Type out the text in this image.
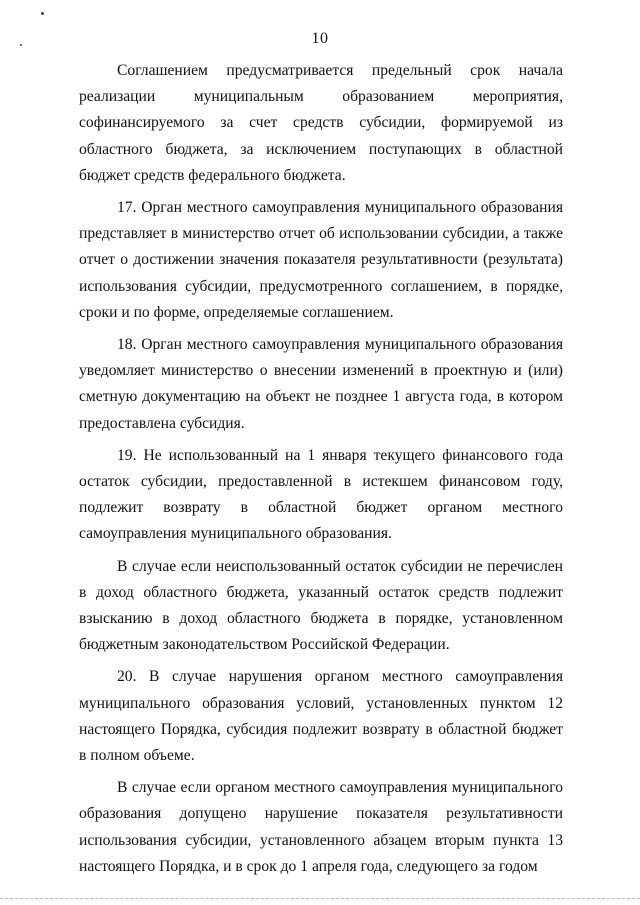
10

Соглашением предусматривается предельный срок начала реализации муниципальным образованием мероприятия, софинансируемого за счет средств субсидии, формируемой из областного бюджета, за исключением поступающих в областной бюджет средств федерального бюджета.

17. Орган местного самоуправления муниципального образования представляет в министерство отчет об использовании субсидии, а также отчет о достижении значения показателя результативности (результата) использования субсидии, предусмотренного соглашением, в порядке, сроки и по форме, определяемые соглашением.

18. Орган местного самоуправления муниципального образования уведомляет министерство о внесении изменений в проектную и (или) сметную документацию на объект не позднее 1 августа года, в котором предоставлена субсидия.

19. Не использованный на 1 января текущего финансового года остаток субсидии, предоставленной в истекшем финансовом году, подлежит возврату в областной бюджет органом местного самоуправления муниципального образования.

В случае если неиспользованный остаток субсидии не перечислен в доход областного бюджета, указанный остаток средств подлежит взысканию в доход областного бюджета в порядке, установленном бюджетным законодательством Российской Федерации.

20. В случае нарушения органом местного самоуправления муниципального образования условий, установленных пунктом 12 настоящего Порядка, субсидия подлежит возврату в областной бюджет в полном объеме.

В случае если органом местного самоуправления муниципального образования допущено нарушение показателя результативности использования субсидии, установленного абзацем вторым пункта 13 настоящего Порядка, и в срок до 1 апреля года, следующего за годом
